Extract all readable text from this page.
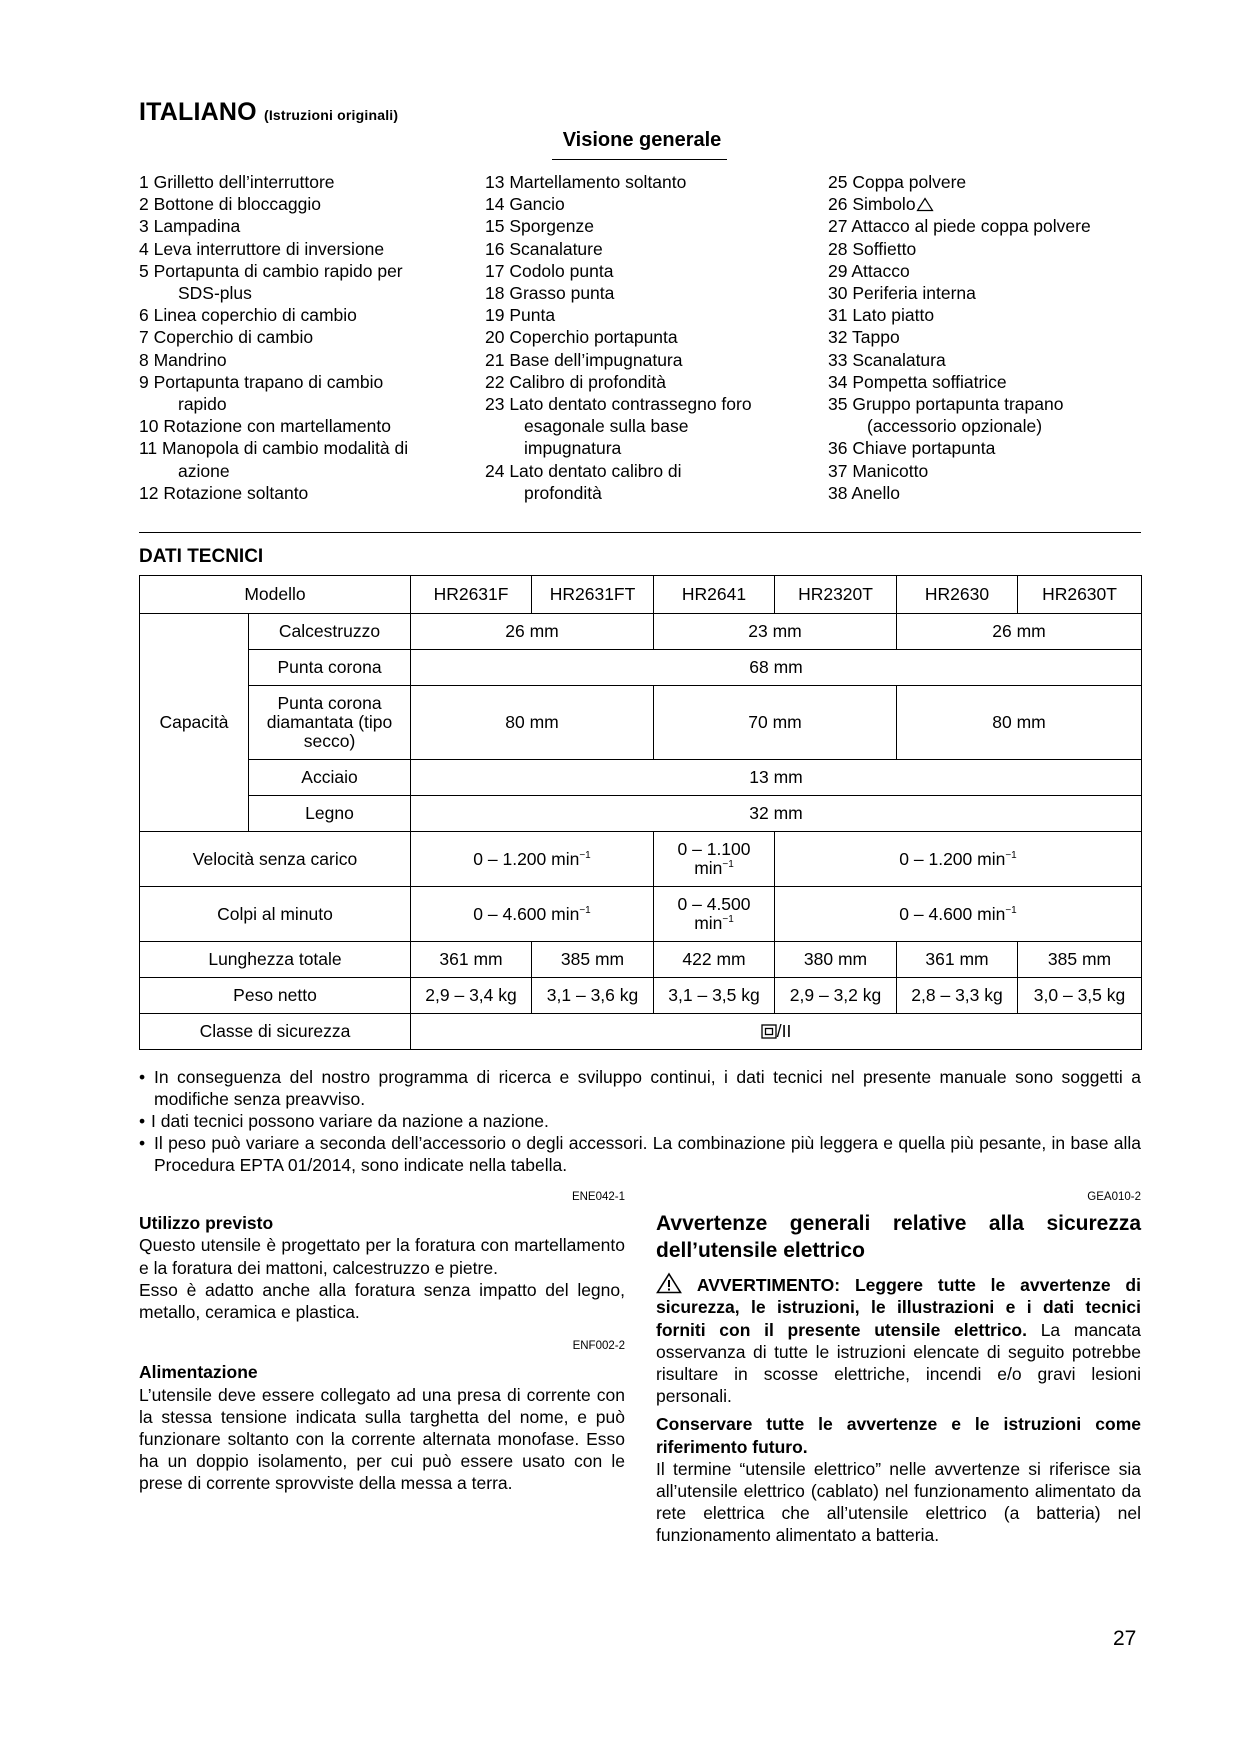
ITALIANO (Istruzioni originali)
Visione generale
1 Grilletto dell’interruttore
2 Bottone di bloccaggio
3 Lampadina
4 Leva interruttore di inversione
5 Portapunta di cambio rapido per
SDS-plus
6 Linea coperchio di cambio
7 Coperchio di cambio
8 Mandrino
9 Portapunta trapano di cambio
rapido
10 Rotazione con martellamento
11 Manopola di cambio modalità di
azione
12 Rotazione soltanto
13 Martellamento soltanto
14 Gancio
15 Sporgenze
16 Scanalature
17 Codolo punta
18 Grasso punta
19 Punta
20 Coperchio portapunta
21 Base dell’impugnatura
22 Calibro di profondità
23 Lato dentato contrassegno foro
esagonale sulla base
impugnatura
24 Lato dentato calibro di
profondità
25 Coppa polvere
26 Simbolo
27 Attacco al piede coppa polvere
28 Soffietto
29 Attacco
30 Periferia interna
31 Lato piatto
32 Tappo
33 Scanalatura
34 Pompetta soffiatrice
35 Gruppo portapunta trapano
(accessorio opzionale)
36 Chiave portapunta
37 Manicotto
38 Anello
DATI TECNICI
Modello		HR2631F	HR2631FT	HR2641	HR2320T	HR2630	HR2630T
Capacità	Calcestruzzo	26 mm		23 mm		26 mm	
	Punta corona	68 mm					
	Punta corona diamantata (tipo secco)	80 mm		70 mm		80 mm	
	Acciaio	13 mm					
	Legno	32 mm					
Velocità senza carico		0 – 1.200 $\min^{-1}$		0 – 1.100
$\min^{-1}$	0 – 1.200 $\min^{-1}$
Colpi al minuto		0 – 4.600 $\min^{-1}$		0 – 4.500
$\min^{-1}$	0 – 4.600 $\min^{-1}$
Lunghezza totale		361 mm	385 mm	422 mm	380 mm	361 mm	385 mm
Peso netto		2,9 – 3,4 kg	3,1 – 3,6 kg	3,1 – 3,5 kg	2,9 – 3,2 kg	2,8 – 3,3 kg	3,0 – 3,5 kg
Classe di sicurezza		/II					
• In conseguenza del nostro programma di ricerca e sviluppo continui, i dati tecnici nel presente manuale sono soggetti a modifiche senza preavviso.
• I dati tecnici possono variare da nazione a nazione.
• Il peso può variare a seconda dell’accessorio o degli accessori. La combinazione più leggera e quella più pesante, in base alla Procedura EPTA 01/2014, sono indicate nella tabella.
ENE042-1
Utilizzo previsto
Questo utensile è progettato per la foratura con martellamento e la foratura dei mattoni, calcestruzzo e pietre.
Esso è adatto anche alla foratura senza impatto del legno, metallo, ceramica e plastica.
ENF002-2
Alimentazione
L’utensile deve essere collegato ad una presa di corrente con la stessa tensione indicata sulla targhetta del nome, e può funzionare soltanto con la corrente alternata monofase. Esso ha un doppio isolamento, per cui può essere usato con le prese di corrente sprovviste della messa a terra.
GEA010-2
Avvertenze generali relative alla sicurezza dell’utensile elettrico
AVVERTIMENTO: Leggere tutte le avvertenze di sicurezza, le istruzioni, le illustrazioni e i dati tecnici forniti con il presente utensile elettrico. La mancata osservanza di tutte le istruzioni elencate di seguito potrebbe risultare in scosse elettriche, incendi e/o gravi lesioni personali.
Conservare tutte le avvertenze e le istruzioni come riferimento futuro.
Il termine “utensile elettrico” nelle avvertenze si riferisce sia all’utensile elettrico (cablato) nel funzionamento alimentato da rete elettrica che all’utensile elettrico (a batteria) nel funzionamento alimentato a batteria.
27
